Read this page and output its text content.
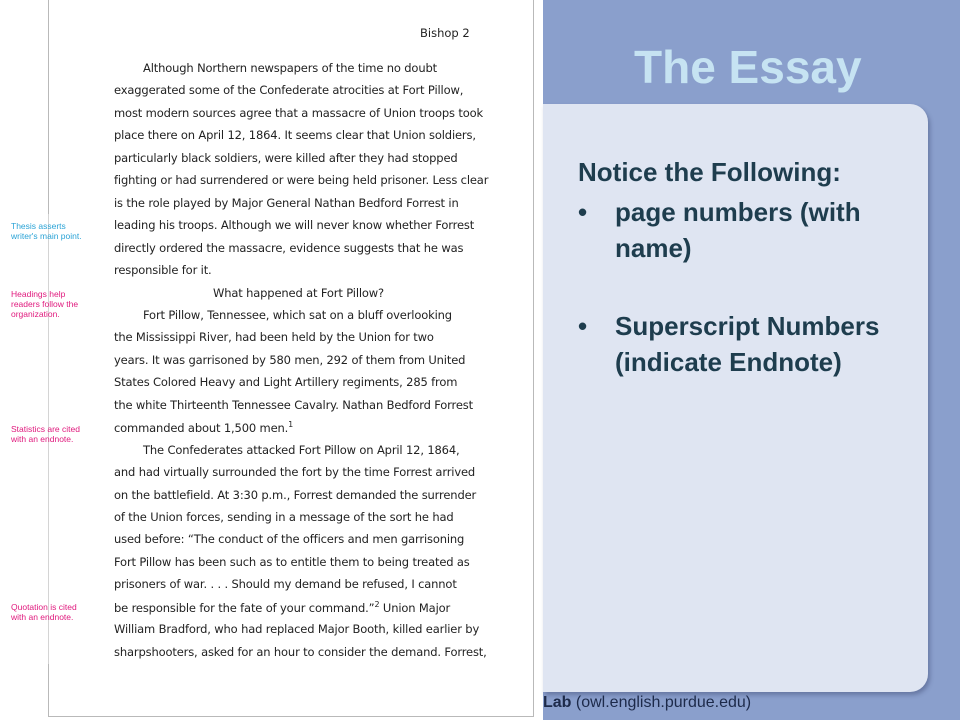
Bishop 2
Although Northern newspapers of the time no doubt
exaggerated some of the Confederate atrocities at Fort Pillow,
most modern sources agree that a massacre of Union troops took
place there on April 12, 1864. It seems clear that Union soldiers,
particularly black soldiers, were killed after they had stopped
fighting or had surrendered or were being held prisoner. Less clear
is the role played by Major General Nathan Bedford Forrest in
leading his troops. Although we will never know whether Forrest
directly ordered the massacre, evidence suggests that he was
responsible for it.
What happened at Fort Pillow?
Fort Pillow, Tennessee, which sat on a bluff overlooking
the Mississippi River, had been held by the Union for two
years. It was garrisoned by 580 men, 292 of them from United
States Colored Heavy and Light Artillery regiments, 285 from
the white Thirteenth Tennessee Cavalry. Nathan Bedford Forrest
commanded about 1,500 men.$^1$
The Confederates attacked Fort Pillow on April 12, 1864,
and had virtually surrounded the fort by the time Forrest arrived
on the battlefield. At 3:30 p.m., Forrest demanded the surrender
of the Union forces, sending in a message of the sort he had
used before: “The conduct of the officers and men garrisoning
Fort Pillow has been such as to entitle them to being treated as
prisoners of war. . . . Should my demand be refused, I cannot
be responsible for the fate of your command.”$^2$ Union Major
William Bradford, who had replaced Major Booth, killed earlier by
sharpshooters, asked for an hour to consider the demand. Forrest,
Thesis asserts
writer's main point.
Headings help
readers follow the
organization.
Statistics are cited
with an endnote.
Quotation is cited
with an endnote.
The Essay
Notice the Following:
•	page numbers (with name)
•	Superscript Numbers (indicate Endnote)
Lab (owl.english.purdue.edu)
